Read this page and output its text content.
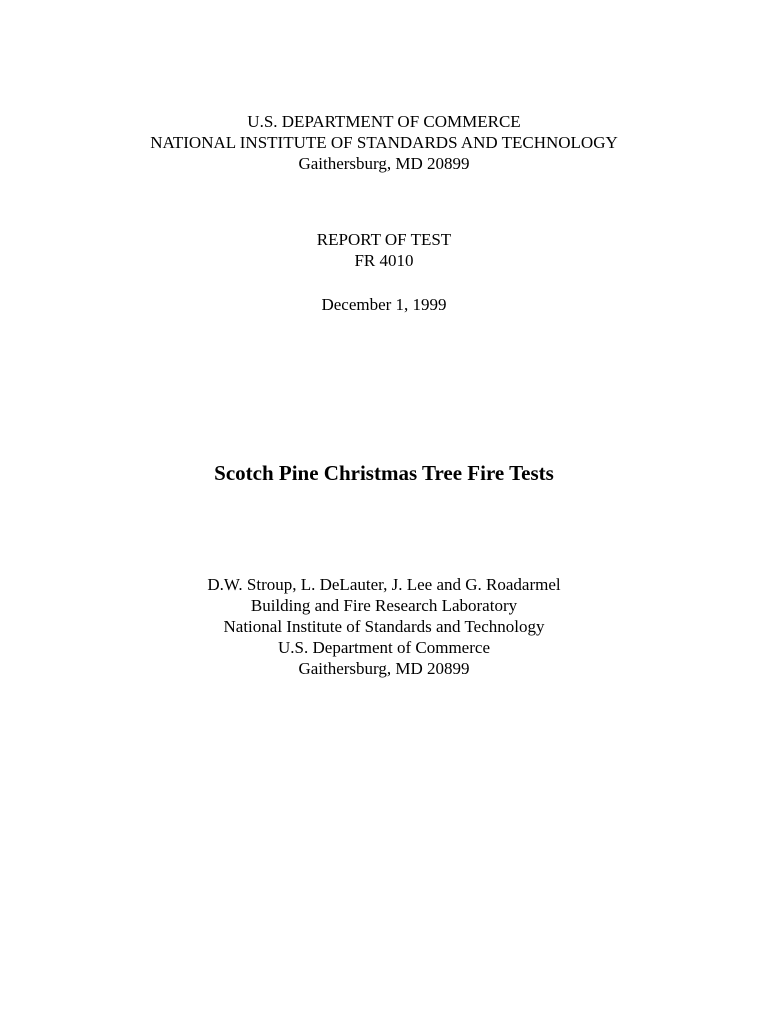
U.S. DEPARTMENT OF COMMERCE
NATIONAL INSTITUTE OF STANDARDS AND TECHNOLOGY
Gaithersburg, MD 20899
REPORT OF TEST
FR 4010
December 1, 1999
Scotch Pine Christmas Tree Fire Tests
D.W. Stroup, L. DeLauter, J. Lee and G. Roadarmel
Building and Fire Research Laboratory
National Institute of Standards and Technology
U.S. Department of Commerce
Gaithersburg, MD 20899
